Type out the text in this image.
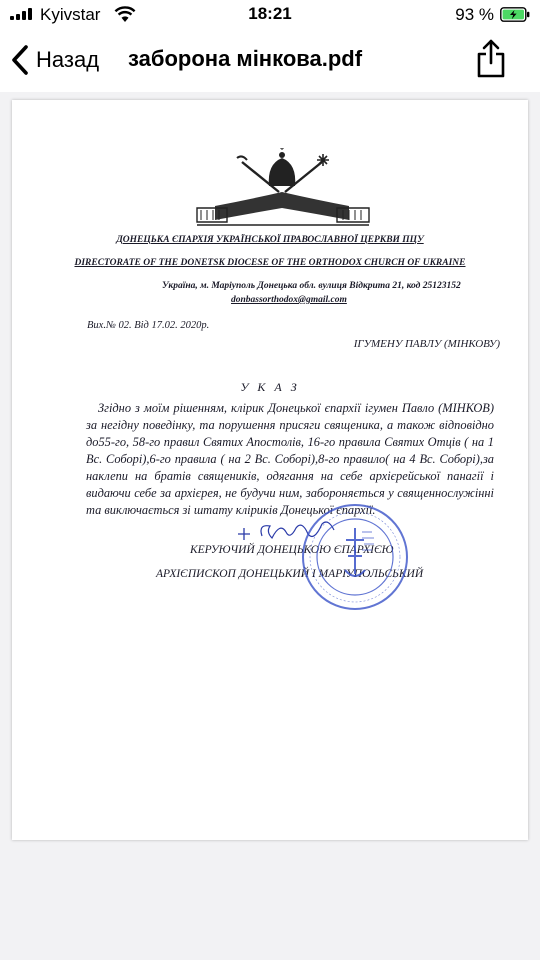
Kyivstar	18:21	93 %
Назад заборона мінкова.pdf
ДОНЕЦЬКА ЄПАРХІЯ УКРАЇНСЬКОЇ ПРАВОСЛАВНОЇ ЦЕРКВИ ПЦУ
DIRECTORATE OF THE DONETSK DIOCESE OF THE ORTHODOX CHURCH OF UKRAINE
Україна, м. Маріуполь Донецька обл. вулиця Відкрита 21, код 25123152
donbassorthodox@gmail.com
Вих.№ 02. Від 17.02. 2020р.
ІГУМЕНУ ПАВЛУ (МІНКОВУ)
У К А З
Згідно з моїм рішенням, клірик Донецької єпархії ігумен Павло (МІНКОВ) за негідну поведінку, та порушення присяги священика, а також відповідно до55-го, 58-го правил Святих Апостолів, 16-го правила Святих Отців ( на 1 Вс. Соборі),6-го правила ( на 2 Вс. Соборі),8-го правило( на 4 Вс. Соборі),за наклепи на братів священиків, одягання на себе архієрейської панагії і видаючи себе за архієрея, не будучи ним, забороняється у священнослужінні та виключається зі штату кліриків Донецької єпархії.
КЕРУЮЧИЙ ДОНЕЦЬКОЮ ЄПАРХІЄЮ
АРХІЄПИСКОП ДОНЕЦЬКИЙ І МАРІУПОЛЬСЬКИЙ
